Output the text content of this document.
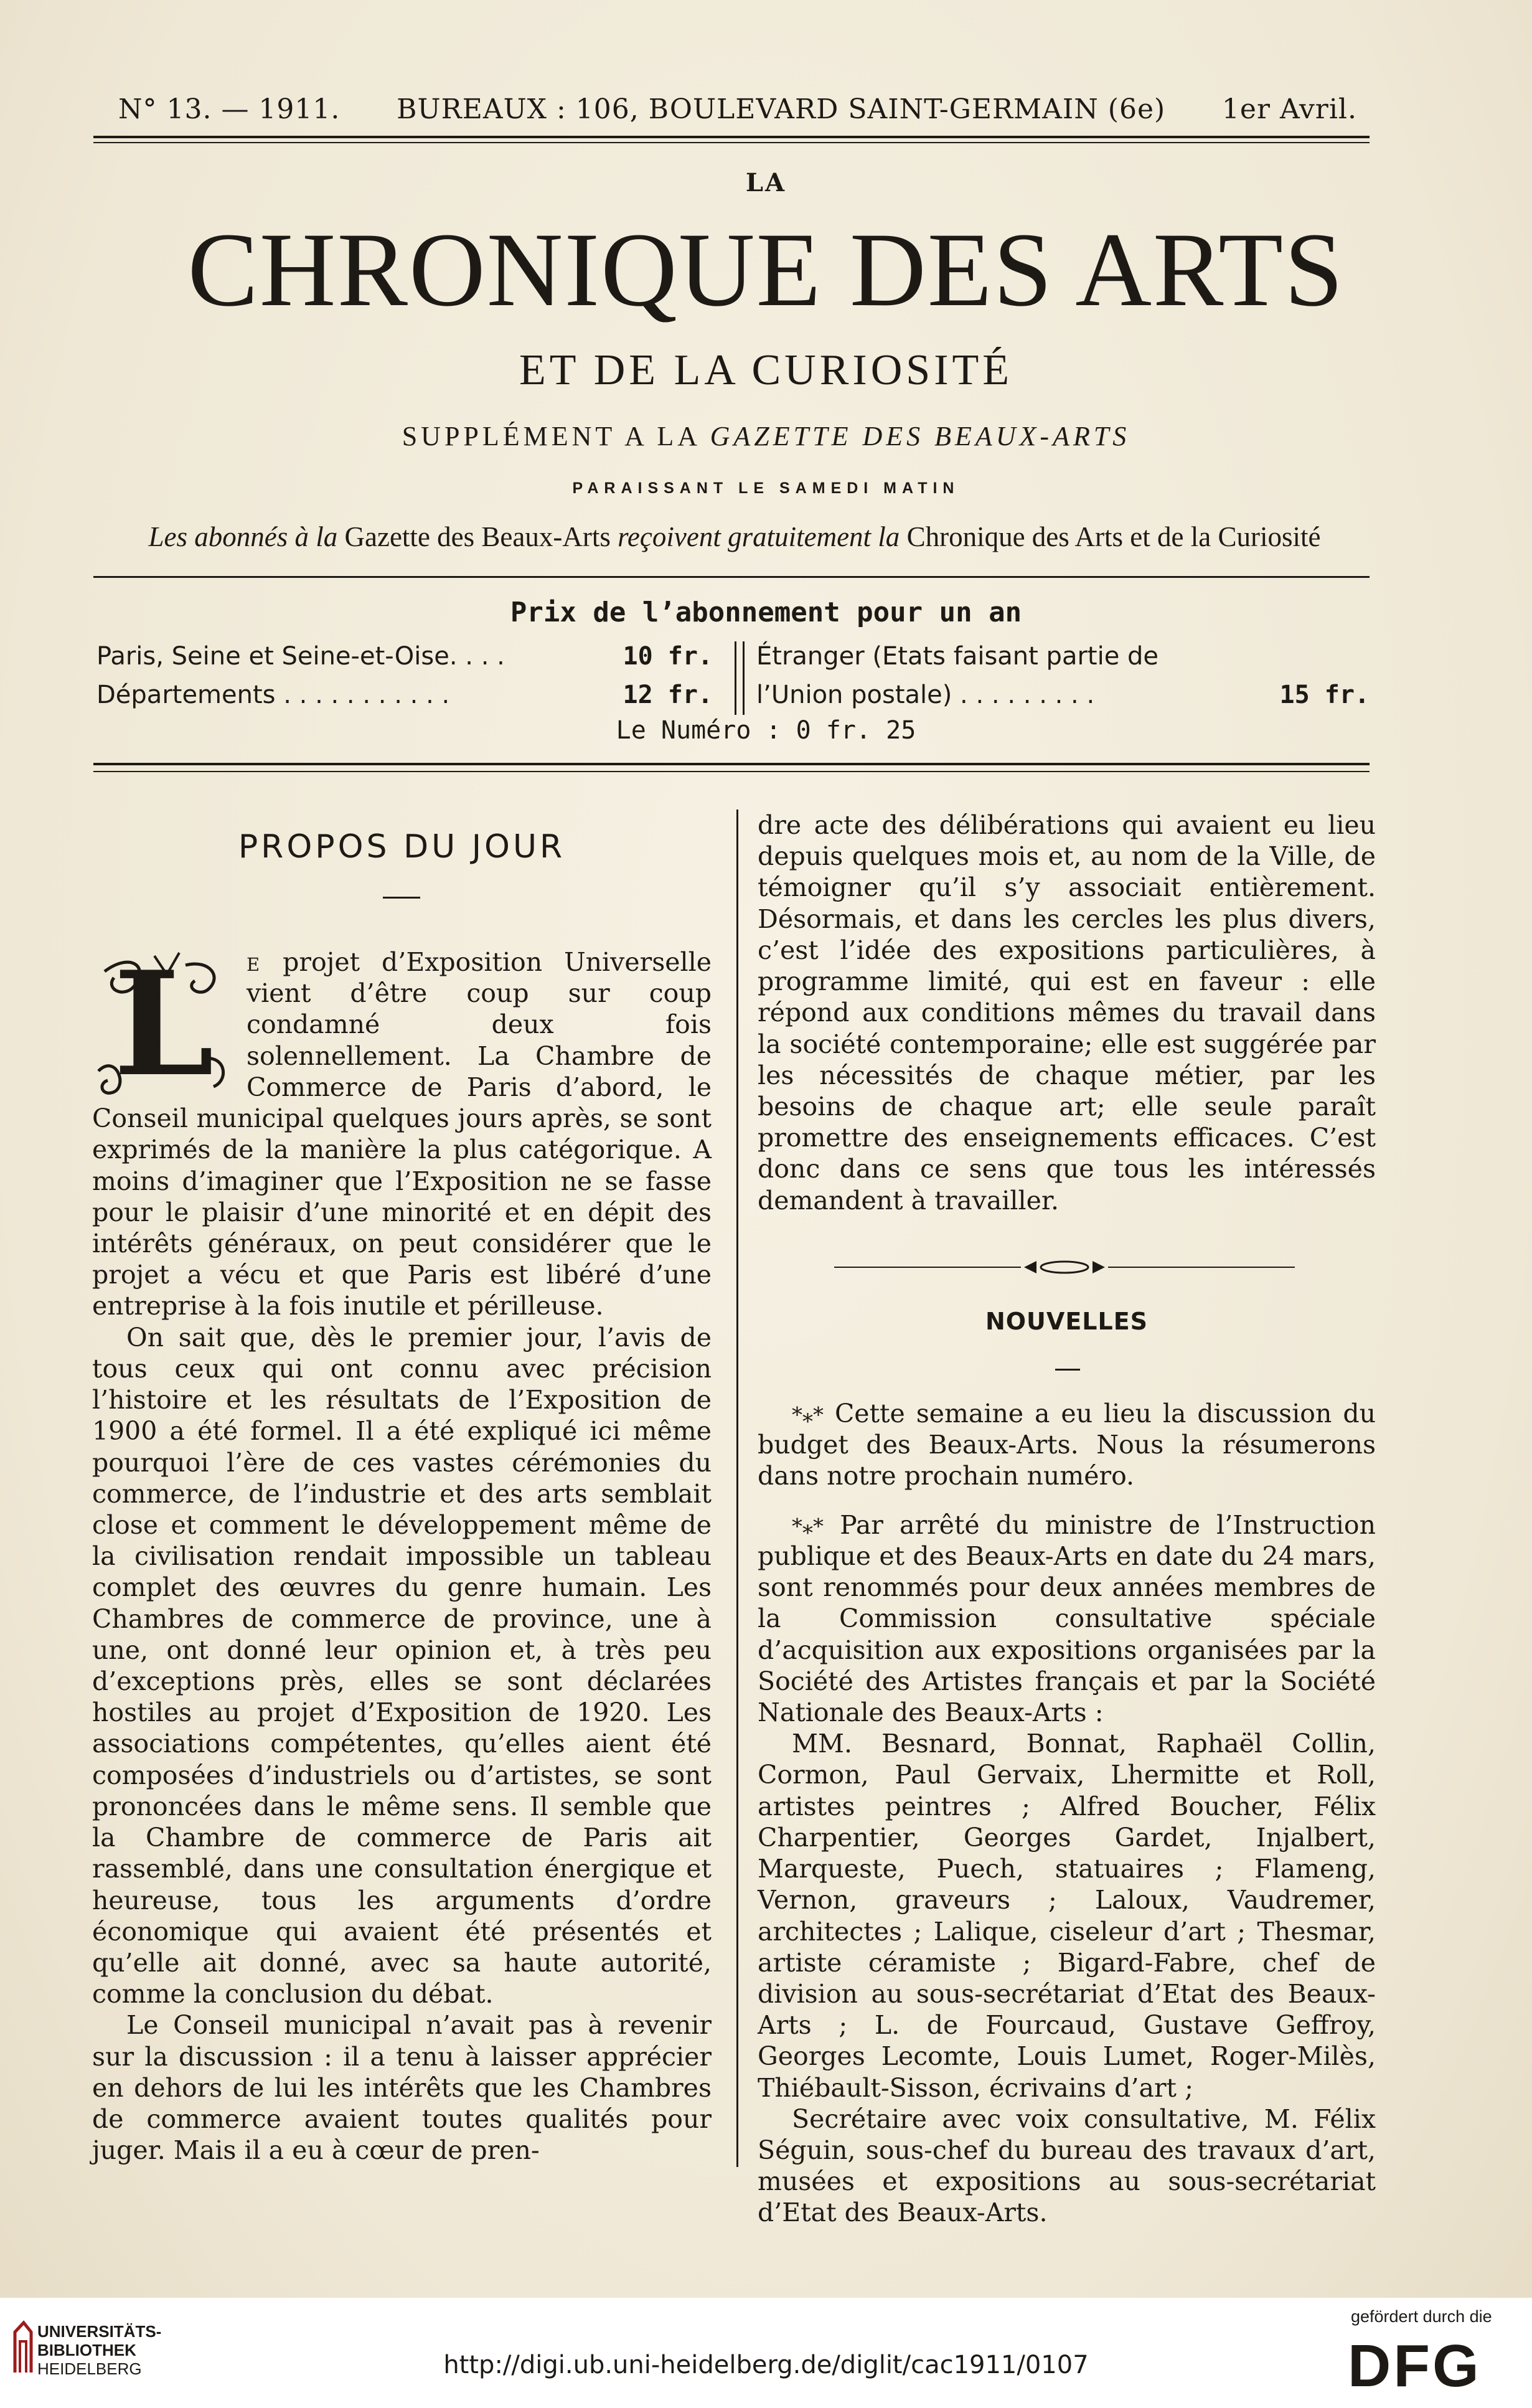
N° 13. — 1911. BUREAUX : 106, BOULEVARD SAINT-GERMAIN (6e) 1er Avril.
LA
CHRONIQUE DES ARTS
ET DE LA CURIOSITÉ
SUPPLÉMENT A LA GAZETTE DES BEAUX-ARTS
PARAISSANT LE SAMEDI MATIN
Les abonnés à la Gazette des Beaux-Arts reçoivent gratuitement la Chronique des Arts et de la Curiosité
Prix de l’abonnement pour un an
Paris, Seine et Seine-et-Oise. . . .	10 fr.
Départements . . . . . . . . . . .	12 fr.
Étranger (Etats faisant partie de
l’Union postale) . . . . . . . . .	15 fr.
Le Numéro : 0 fr. 25
PROPOS DU JOUR

L e projet d’Exposition Universelle vient d’être coup sur coup condamné deux fois solennellement. La Chambre de Commerce de Paris d’abord, le Conseil municipal quelques jours après, se sont exprimés de la manière la plus catégorique. A moins d’imaginer que l’Exposition ne se fasse pour le plaisir d’une minorité et en dépit des intérêts généraux, on peut considérer que le projet a vécu et que Paris est libéré d’une entreprise à la fois inutile et périlleuse.

On sait que, dès le premier jour, l’avis de tous ceux qui ont connu avec précision l’histoire et les résultats de l’Exposition de 1900 a été formel. Il a été expliqué ici même pourquoi l’ère de ces vastes cérémonies du commerce, de l’industrie et des arts semblait close et comment le développement même de la civilisation rendait impossible un tableau complet des œuvres du genre humain. Les Chambres de commerce de province, une à une, ont donné leur opinion et, à très peu d’exceptions près, elles se sont déclarées hostiles au projet d’Exposition de 1920. Les associations compétentes, qu’elles aient été composées d’industriels ou d’artistes, se sont prononcées dans le même sens. Il semble que la Chambre de commerce de Paris ait rassemblé, dans une consultation énergique et heureuse, tous les arguments d’ordre économique qui avaient été présentés et qu’elle ait donné, avec sa haute autorité, comme la conclusion du débat.

Le Conseil municipal n’avait pas à revenir sur la discussion : il a tenu à laisser apprécier en dehors de lui les intérêts que les Chambres de commerce avaient toutes qualités pour juger. Mais il a eu à cœur de pren-

dre acte des délibérations qui avaient eu lieu depuis quelques mois et, au nom de la Ville, de témoigner qu’il s’y associait entièrement. Désormais, et dans les cercles les plus divers, c’est l’idée des expositions particulières, à programme limité, qui est en faveur : elle répond aux conditions mêmes du travail dans la société contemporaine; elle est suggérée par les nécessités de chaque métier, par les besoins de chaque art; elle seule paraît promettre des enseignements efficaces. C’est donc dans ce sens que tous les intéressés demandent à travailler.

NOUVELLES

*⁎* Cette semaine a eu lieu la discussion du budget des Beaux-Arts. Nous la résumerons dans notre prochain numéro.

*⁎* Par arrêté du ministre de l’Instruction publique et des Beaux-Arts en date du 24 mars, sont renommés pour deux années membres de la Commission consultative spéciale d’acquisition aux expositions organisées par la Société des Artistes français et par la Société Nationale des Beaux-Arts :

MM. Besnard, Bonnat, Raphaël Collin, Cormon, Paul Gervaix, Lhermitte et Roll, artistes peintres ; Alfred Boucher, Félix Charpentier, Georges Gardet, Injalbert, Marqueste, Puech, statuaires ; Flameng, Vernon, graveurs ; Laloux, Vaudremer, architectes ; Lalique, ciseleur d’art ; Thesmar, artiste céramiste ; Bigard-Fabre, chef de division au sous-secrétariat d’Etat des Beaux-Arts ; L. de Fourcaud, Gustave Geffroy, Georges Lecomte, Louis Lumet, Roger-Milès, Thiébault-Sisson, écrivains d’art ;

Secrétaire avec voix consultative, M. Félix Séguin, sous-chef du bureau des travaux d’art, musées et expositions au sous-secrétariat d’Etat des Beaux-Arts.

UNIVERSITÄTS-
BIBLIOTHEK
HEIDELBERG	http://digi.ub.uni-heidelberg.de/diglit/cac1911/0107
gefördert durch die
DFG
